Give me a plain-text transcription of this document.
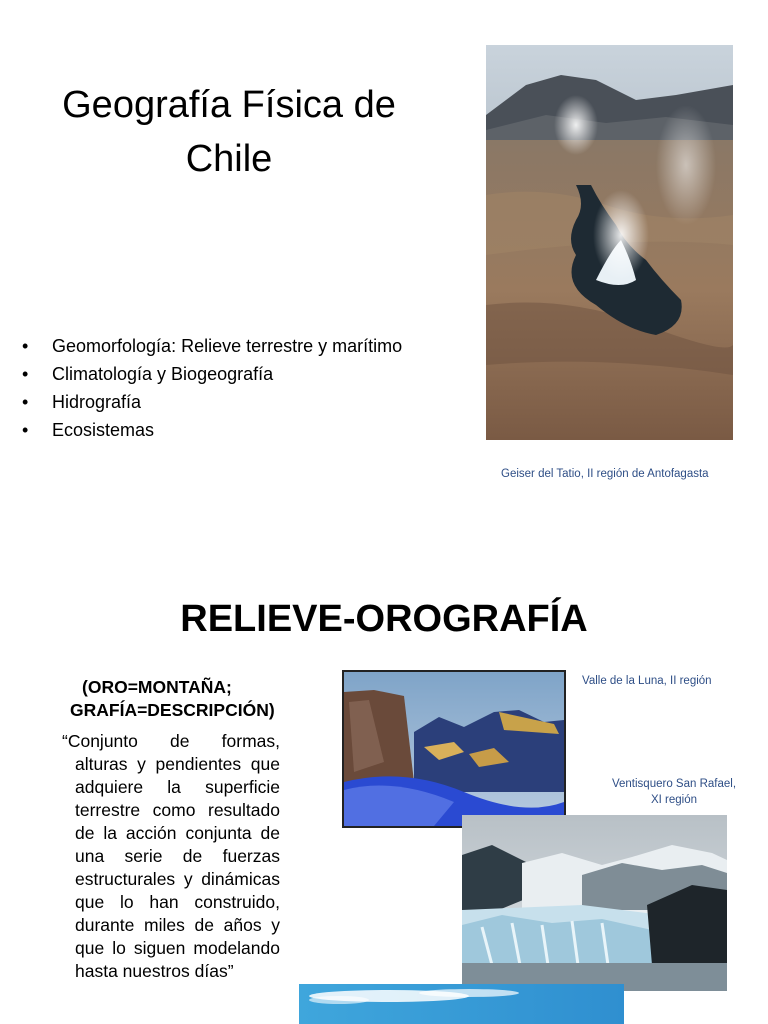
Geografía Física de
Chile
• Geomorfología: Relieve terrestre y marítimo
• Climatología y Biogeografía
• Hidrografía
• Ecosistemas
Geiser del Tatio, II región de Antofagasta
RELIEVE-OROGRAFÍA
(ORO=MONTAÑA;
GRAFÍA=DESCRIPCIÓN)
“Conjunto de formas, alturas y pendientes que adquiere la superficie terrestre como resultado de la acción conjunta de una serie de fuerzas estructurales y dinámicas que lo han construido, durante miles de años y que lo siguen modelando hasta nuestros días”
Valle de la Luna, II región
Ventisquero San Rafael,
XI región
